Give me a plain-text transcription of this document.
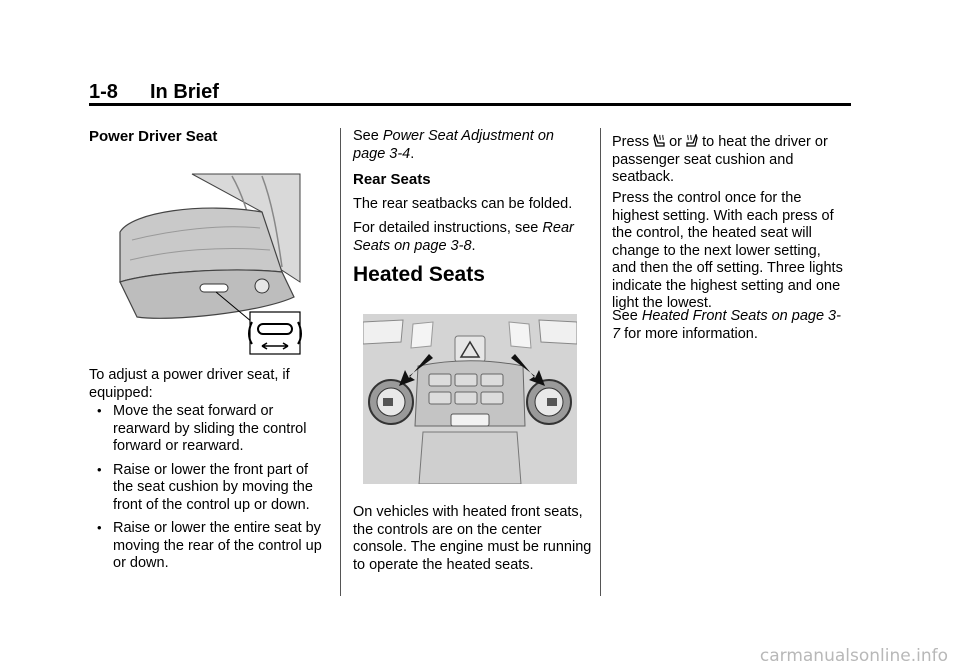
1-8 In Brief
Power Driver Seat
To adjust a power driver seat, if equipped:
• Move the seat forward or rearward by sliding the control forward or rearward.
• Raise or lower the front part of the seat cushion by moving the front of the control up or down.
• Raise or lower the entire seat by moving the rear of the control up or down.
See Power Seat Adjustment on page 3-4.
Rear Seats
The rear seatbacks can be folded.
For detailed instructions, see Rear Seats on page 3-8.
Heated Seats
On vehicles with heated front seats, the controls are on the center console. The engine must be running to operate the heated seats.
Press  or  to heat the driver or passenger seat cushion and seatback.
Press the control once for the highest setting. With each press of the control, the heated seat will change to the next lower setting, and then the off setting. Three lights indicate the highest setting and one light the lowest.
See Heated Front Seats on page 3-7 for more information.
carmanualsonline.info
